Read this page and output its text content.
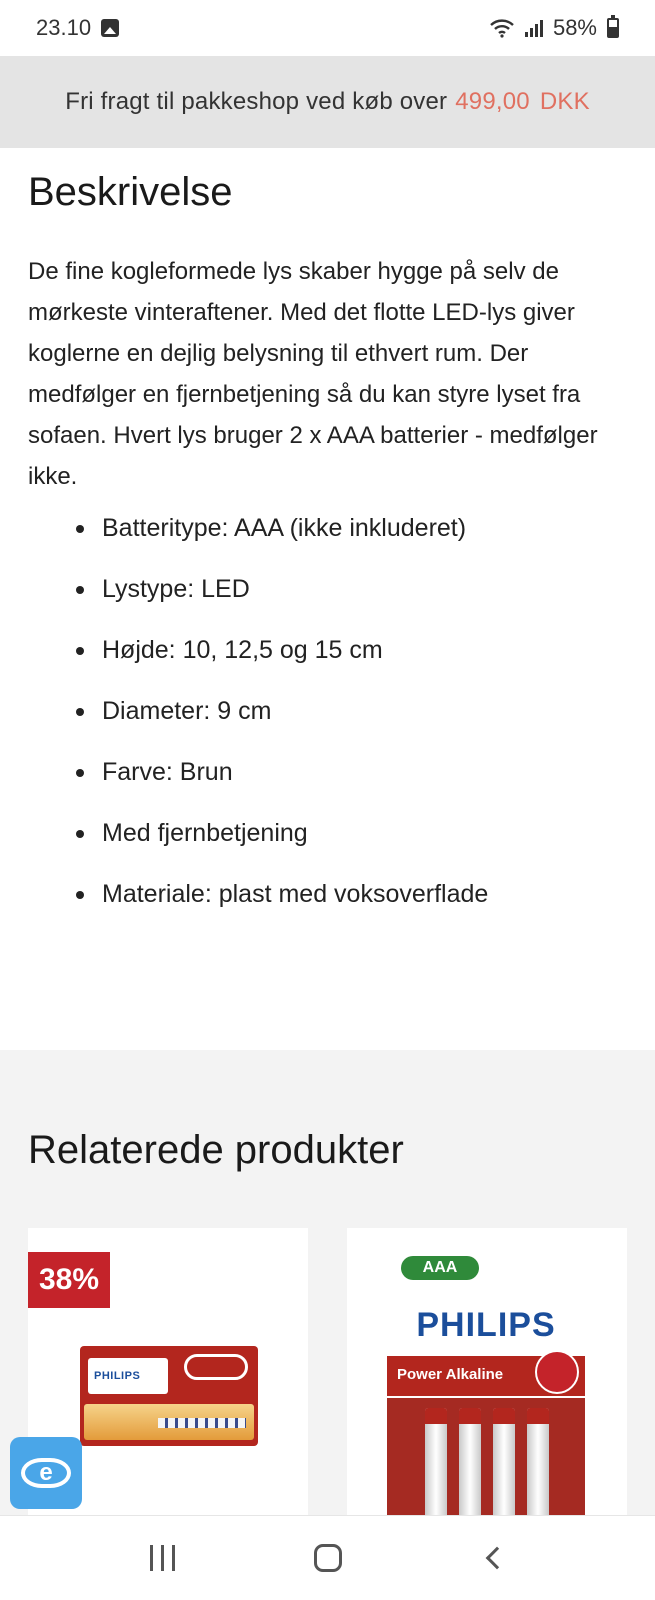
23.10	58%
Fri fragt til pakkeshop ved køb over 499,00 DKK
Beskrivelse

De fine kogleformede lys skaber hygge på selv de mørkeste vinteraftener. Med det flotte LED-lys giver koglerne en dejlig belysning til ethvert rum. Der medfølger en fjernbetjening så du kan styre lyset fra sofaen. Hvert lys bruger 2 x AAA batterier - medfølger ikke.

Batteritype: AAA (ikke inkluderet)
Lystype: LED
Højde: 10, 12,5 og 15 cm
Diameter: 9 cm
Farve: Brun
Med fjernbetjening
Materiale: plast med voksoverflade
Relaterede produkter
38%
PHILIPS
AAA
PHILIPS
Power Alkaline
e
